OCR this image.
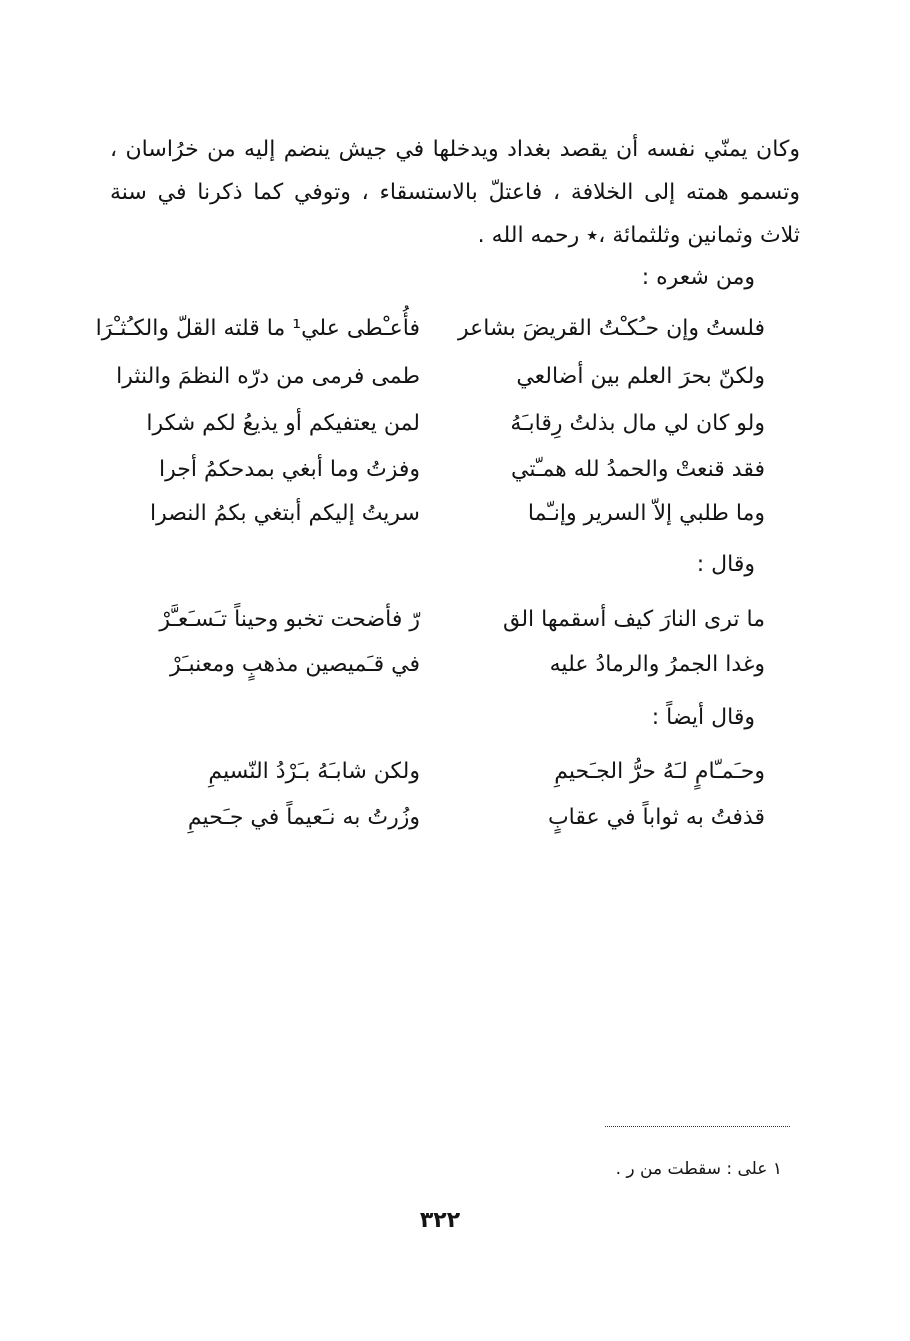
وكان يمنّي نفسه أن يقصد بغداد ويدخلها في جيش ينضم إليه من خرُاسان ، وتسمو همته إلى الخلافة ، فاعتلّ بالاستسقاء ، وتوفي كما ذكرنا في سنة ثلاث وثمانين وثلثمائة ،٭ رحمه الله .

ومن شعره :
فلستُ وإن حـُكـْتُ القريضَ بشاعر
فأُعـْطى علي¹ ما قلته القلّ والكـُثـْرَا
ولكنّ بحرَ العلم بين أضالعي
طمى فرمى من درّه النظمَ والنثرا
ولو كان لي مال بذلتُ رِقابـَهُ
لمن يعتفيكم أو يذيعُ لكم شكرا
فقد قنعتْ والحمدُ لله همـّتي
وفزتُ وما أبغي بمدحكمُ أجرا
وما طلبي إلاّ السرير وإنـّما
سريتُ إليكم أبتغي بكمُ النصرا
وقال :
ما ترى النارَ كيف أسقمها الق
رّ فأضحت تخبو وحيناً تـَسـَعـَّرْ
وغدا الجمرُ والرمادُ عليه
في قـَميصين مذهبٍ ومعنبـَرْ
وقال أيضاً :
وحـَمـّامٍ لـَهُ حرُّ الجـَحيمِ
ولكن شابـَهُ بـَرْدُ النّسيمِ
قذفتُ به ثواباً في عقابٍ
وزُرتُ به نـَعيماً في جـَحيمِ
١ على : سقطت من ر .
٣٢٢
